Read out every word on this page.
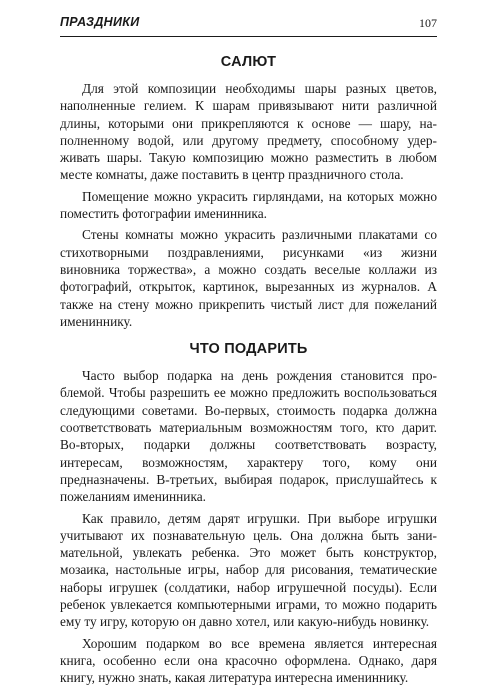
ПРАЗДНИКИ	107
САЛЮТ

Для этой композиции необходимы шары разных цветов, наполненные гелием. К шарам привязывают нити различной длины, которыми они прикрепляются к основе — шару, наполненному водой, или другому предмету, способному удерживать шары. Такую композицию можно разместить в любом месте комнаты, даже поставить в центр праздничного стола.

Помещение можно украсить гирляндами, на которых можно поместить фотографии именинника.

Стены комнаты можно украсить различными плакатами со стихотворными поздравлениями, рисунками «из жизни виновника торжества», а можно создать веселые коллажи из фотографий, открыток, картинок, вырезанных из журналов. А также на стену можно прикрепить чистый лист для пожеланий имениннику.

ЧТО ПОДАРИТЬ

Часто выбор подарка на день рождения становится проблемой. Чтобы разрешить ее можно предложить воспользоваться следующими советами. Во-первых, стоимость подарка должна соответствовать материальным возможностям того, кто дарит. Во-вторых, подарки должны соответствовать возрасту, интересам, возможностям, характеру того, кому они предназначены. В-третьих, выбирая подарок, прислушайтесь к пожеланиям именинника.

Как правило, детям дарят игрушки. При выборе игрушки учитывают их познавательную цель. Она должна быть занимательной, увлекать ребенка. Это может быть конструктор, мозаика, настольные игры, набор для рисования, тематические наборы игрушек (солдатики, набор игрушечной посуды). Если ребенок увлекается компьютерными играми, то можно подарить ему ту игру, которую он давно хотел, или какую-нибудь новинку.

Хорошим подарком во все времена является интересная книга, особенно если она красочно оформлена. Однако, даря книгу, нужно знать, какая литература интересна имениннику.
